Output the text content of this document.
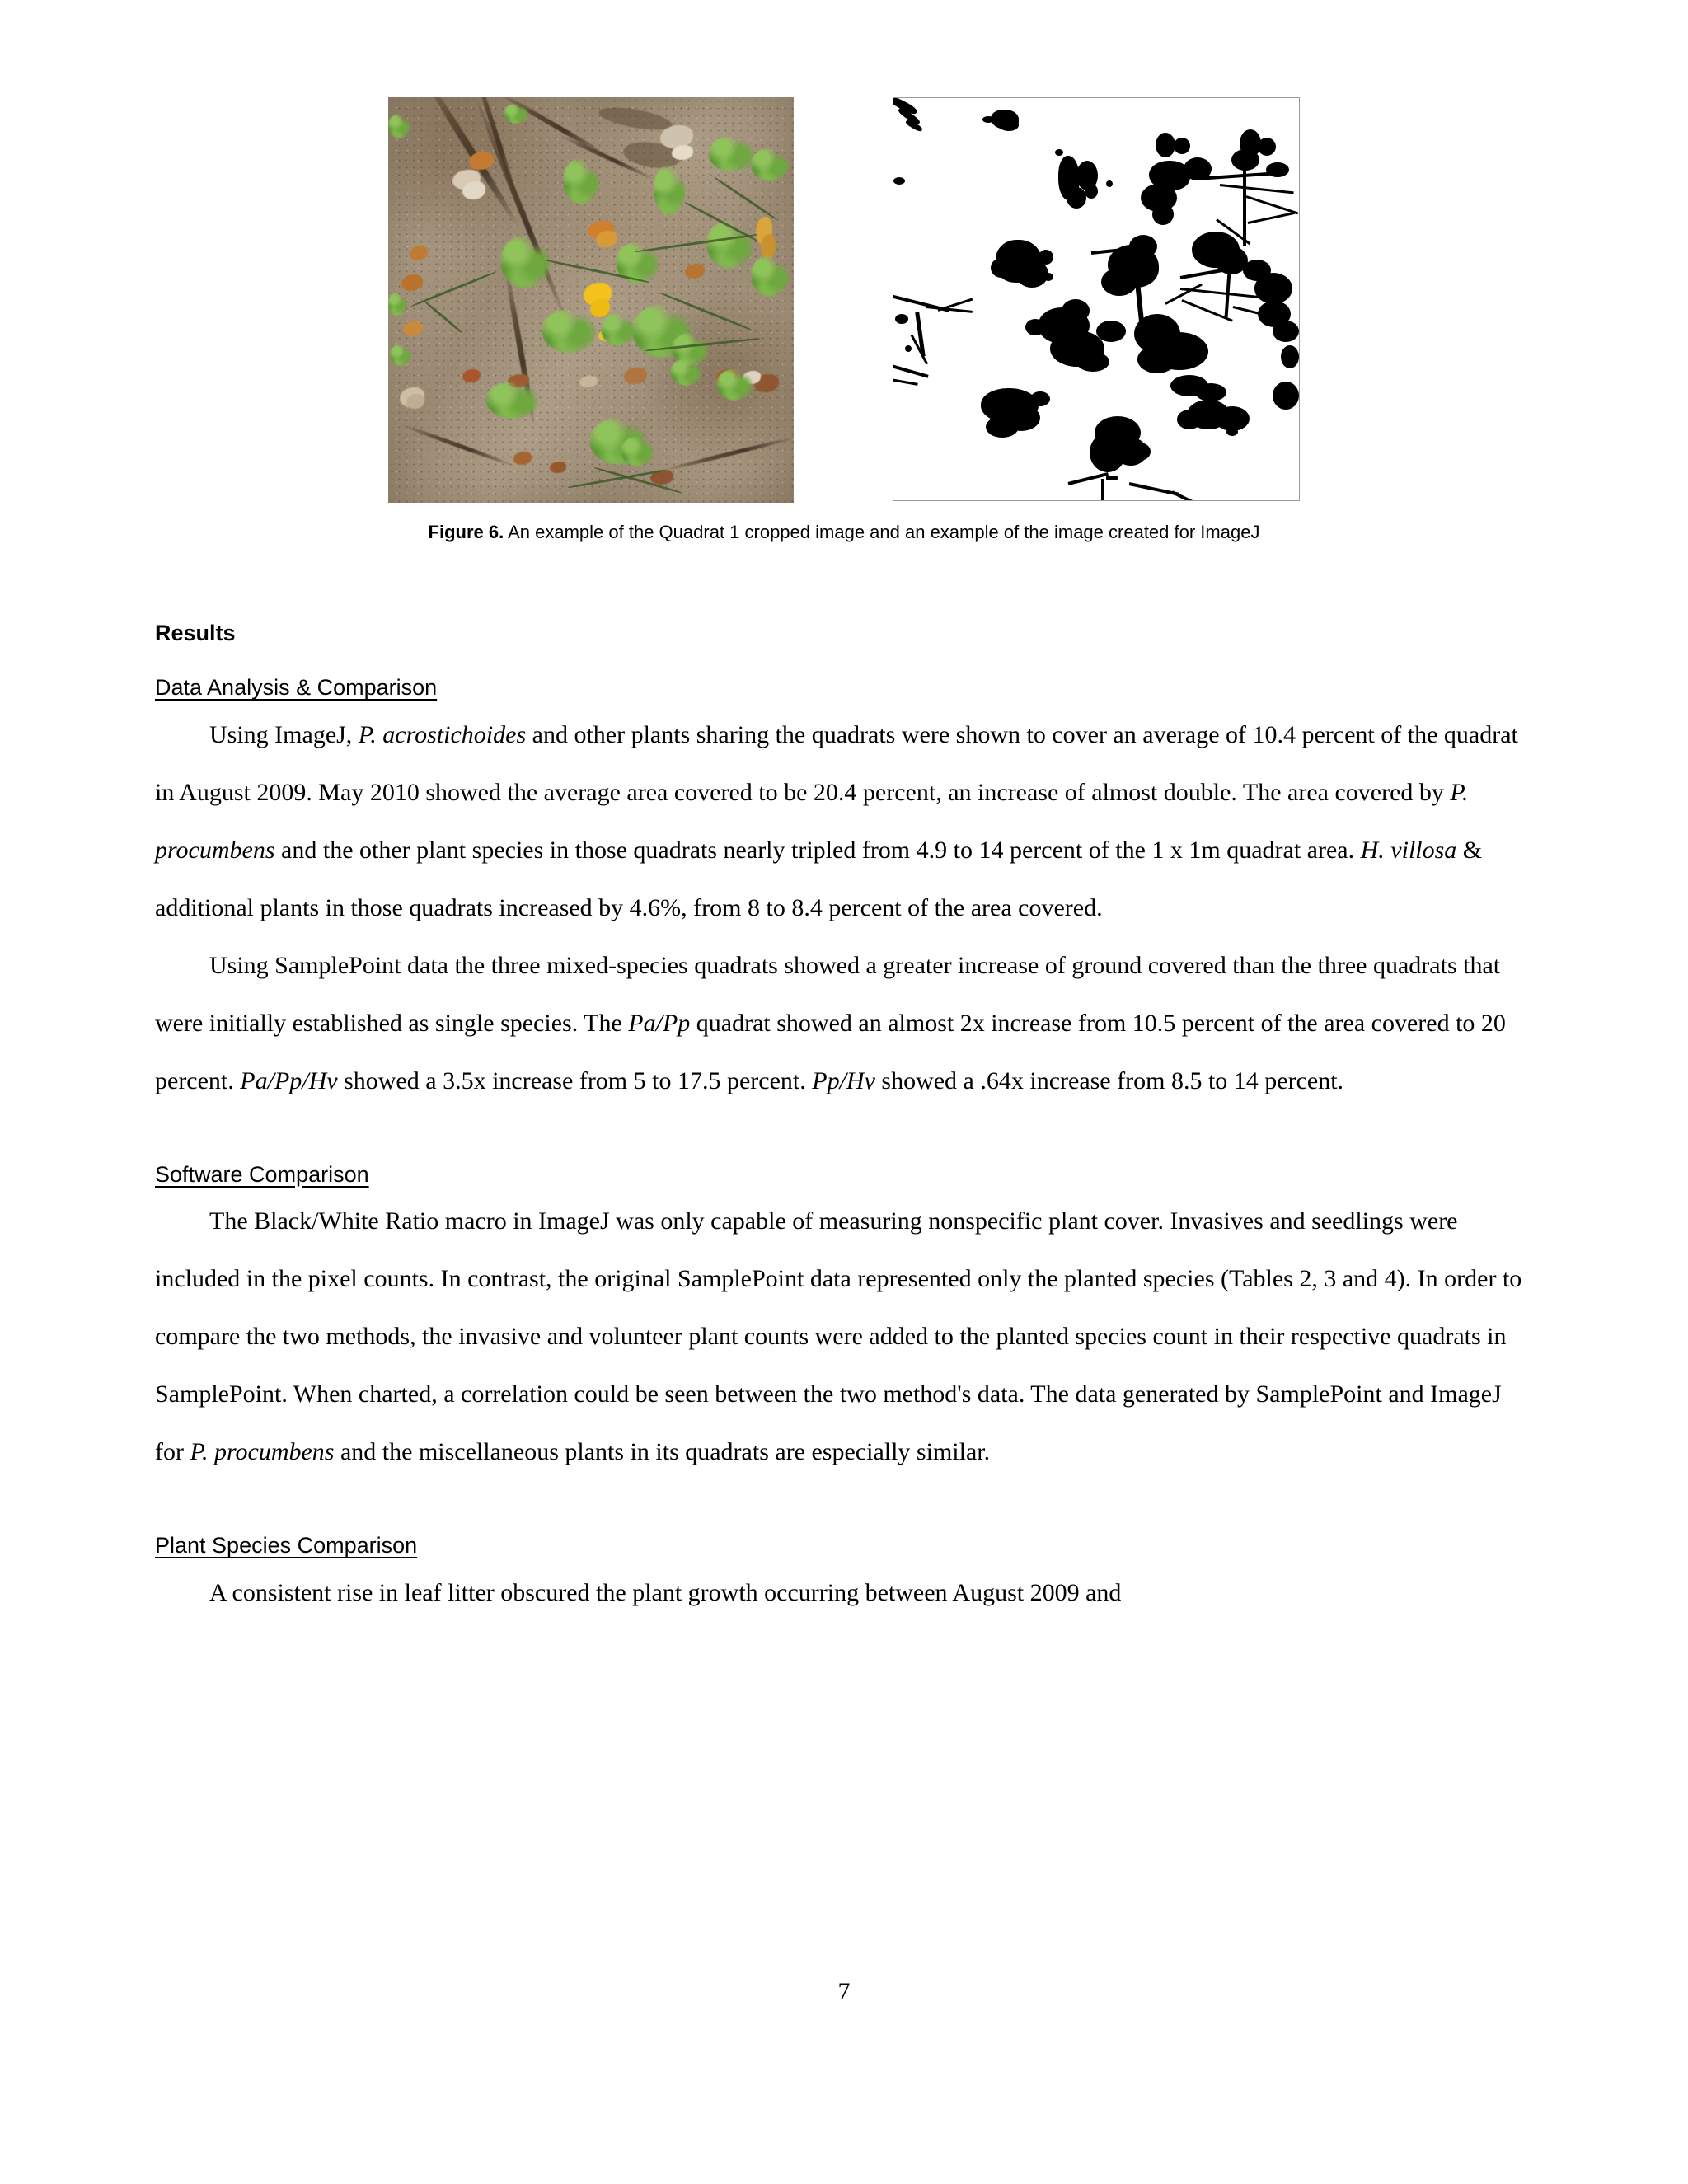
Figure 6. An example of the Quadrat 1 cropped image and an example of the image created for ImageJ
Results
Data Analysis & Comparison

Using ImageJ, P. acrostichoides and other plants sharing the quadrats were shown to cover an average of 10.4 percent of the quadrat in August 2009. May 2010 showed the average area covered to be 20.4 percent, an increase of almost double. The area covered by P. procumbens and the other plant species in those quadrats nearly tripled from 4.9 to 14 percent of the 1 x 1m quadrat area. H. villosa & additional plants in those quadrats increased by 4.6%, from 8 to 8.4 percent of the area covered.

Using SamplePoint data the three mixed-species quadrats showed a greater increase of ground covered than the three quadrats that were initially established as single species. The Pa/Pp quadrat showed an almost 2x increase from 10.5 percent of the area covered to 20 percent. Pa/Pp/Hv showed a 3.5x increase from 5 to 17.5 percent. Pp/Hv showed a .64x increase from 8.5 to 14 percent.

Software Comparison

The Black/White Ratio macro in ImageJ was only capable of measuring nonspecific plant cover. Invasives and seedlings were included in the pixel counts. In contrast, the original SamplePoint data represented only the planted species (Tables 2, 3 and 4). In order to compare the two methods, the invasive and volunteer plant counts were added to the planted species count in their respective quadrats in SamplePoint. When charted, a correlation could be seen between the two method's data. The data generated by SamplePoint and ImageJ for P. procumbens and the miscellaneous plants in its quadrats are especially similar.

Plant Species Comparison

A consistent rise in leaf litter obscured the plant growth occurring between August 2009 and

7
